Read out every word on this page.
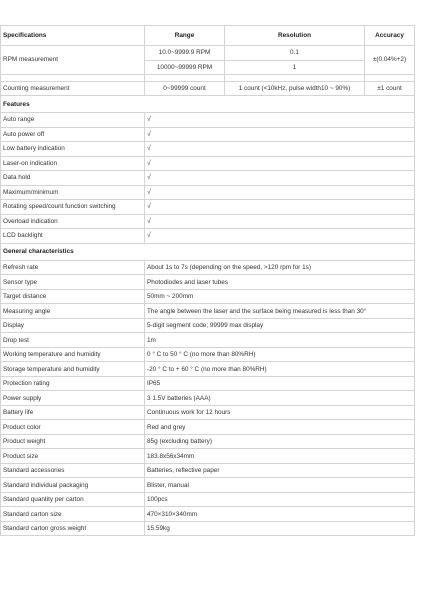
Specifications	Range	Resolution	Accuracy
RPM measurement	10.0~9999.9 RPM	0.1	±(0.04%+2)
	10000~99999 RPM	1	

Counting measurement	0~99999 count	1 count (<10kHz, pulse width10 ~ 90%)	±1 count
Features			
Auto range	√		
Auto power off	√		
Low battery indication	√		
Laser-on indication	√		
Data hold	√		
Maximum/minimum	√		
Rotating speed/count function switching	√		
Overload indication	√		
LCD backlight	√		
General characteristics			
Refresh rate	About 1s to 7s (depending on the speed, >120 rpm for 1s)		
Sensor type	Photodiodes and laser tubes		
Target distance	50mm ~ 200mm		
Measuring angle	The angle between the laser and the surface being measured is less than 30°		
Display	5-digit segment code; 99999 max display		
Drop test	1m		
Working temperature and humidity	0 ° C to 50 ° C (no more than 80%RH)		
Storage temperature and humidity	-20 ° C to + 60 ° C (no more than 80%RH)		
Protection rating	IP65		
Power supply	3 1.5V batteries (AAA)		
Battery life	Continuous work for 12 hours		
Product color	Red and grey		
Product weight	85g (excluding battery)		
Product size	183.8x56x34mm		
Standard accessories	Batteries, reflective paper		
Standard individual packaging	Blister, manual		
Standard quantity per carton	100pcs		
Standard carton size	470×310×340mm		
Standard carton gross weight	15.59kg		
